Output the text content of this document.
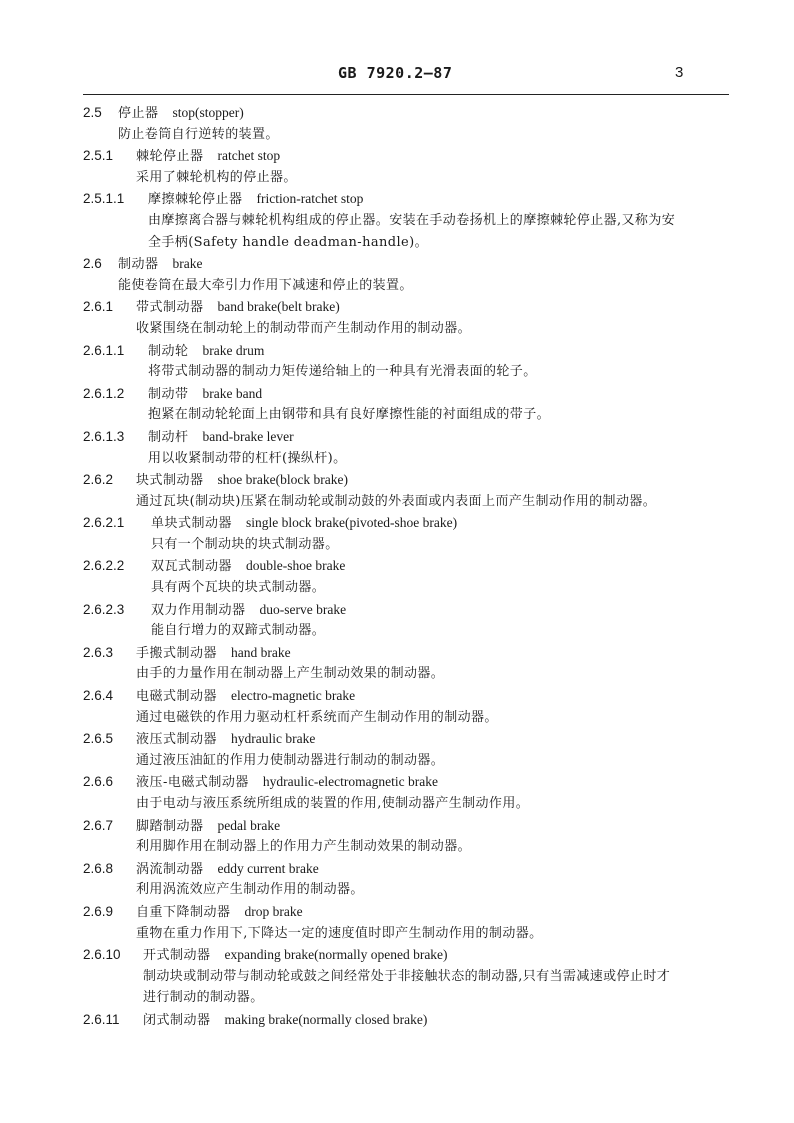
GB 7920.2—87	3
2.5 停止器 stop(stopper)
防止卷筒自行逆转的装置。
2.5.1 棘轮停止器 ratchet stop
采用了棘轮机构的停止器。
2.5.1.1 摩擦棘轮停止器 friction-ratchet stop
由摩擦离合器与棘轮机构组成的停止器。安装在手动卷扬机上的摩擦棘轮停止器,又称为安
全手柄(Safety handle deadman-handle)。
2.6 制动器 brake
能使卷筒在最大牵引力作用下减速和停止的装置。
2.6.1 带式制动器 band brake(belt brake)
收紧围绕在制动轮上的制动带而产生制动作用的制动器。
2.6.1.1 制动轮 brake drum
将带式制动器的制动力矩传递给轴上的一种具有光滑表面的轮子。
2.6.1.2 制动带 brake band
抱紧在制动轮轮面上由钢带和具有良好摩擦性能的衬面组成的带子。
2.6.1.3 制动杆 band-brake lever
用以收紧制动带的杠杆(操纵杆)。
2.6.2 块式制动器 shoe brake(block brake)
通过瓦块(制动块)压紧在制动轮或制动鼓的外表面或内表面上而产生制动作用的制动器。
2.6.2.1 单块式制动器 single block brake(pivoted-shoe brake)
只有一个制动块的块式制动器。
2.6.2.2 双瓦式制动器 double-shoe brake
具有两个瓦块的块式制动器。
2.6.2.3 双力作用制动器 duo-serve brake
能自行增力的双蹄式制动器。
2.6.3 手搬式制动器 hand brake
由手的力量作用在制动器上产生制动效果的制动器。
2.6.4 电磁式制动器 electro-magnetic brake
通过电磁铁的作用力驱动杠杆系统而产生制动作用的制动器。
2.6.5 液压式制动器 hydraulic brake
通过液压油缸的作用力使制动器进行制动的制动器。
2.6.6 液压-电磁式制动器 hydraulic-electromagnetic brake
由于电动与液压系统所组成的装置的作用,使制动器产生制动作用。
2.6.7 脚踏制动器 pedal brake
利用脚作用在制动器上的作用力产生制动效果的制动器。
2.6.8 涡流制动器 eddy current brake
利用涡流效应产生制动作用的制动器。
2.6.9 自重下降制动器 drop brake
重物在重力作用下,下降达一定的速度值时即产生制动作用的制动器。
2.6.10 开式制动器 expanding brake(normally opened brake)
制动块或制动带与制动轮或鼓之间经常处于非接触状态的制动器,只有当需减速或停止时才
进行制动的制动器。
2.6.11 闭式制动器 making brake(normally closed brake)
